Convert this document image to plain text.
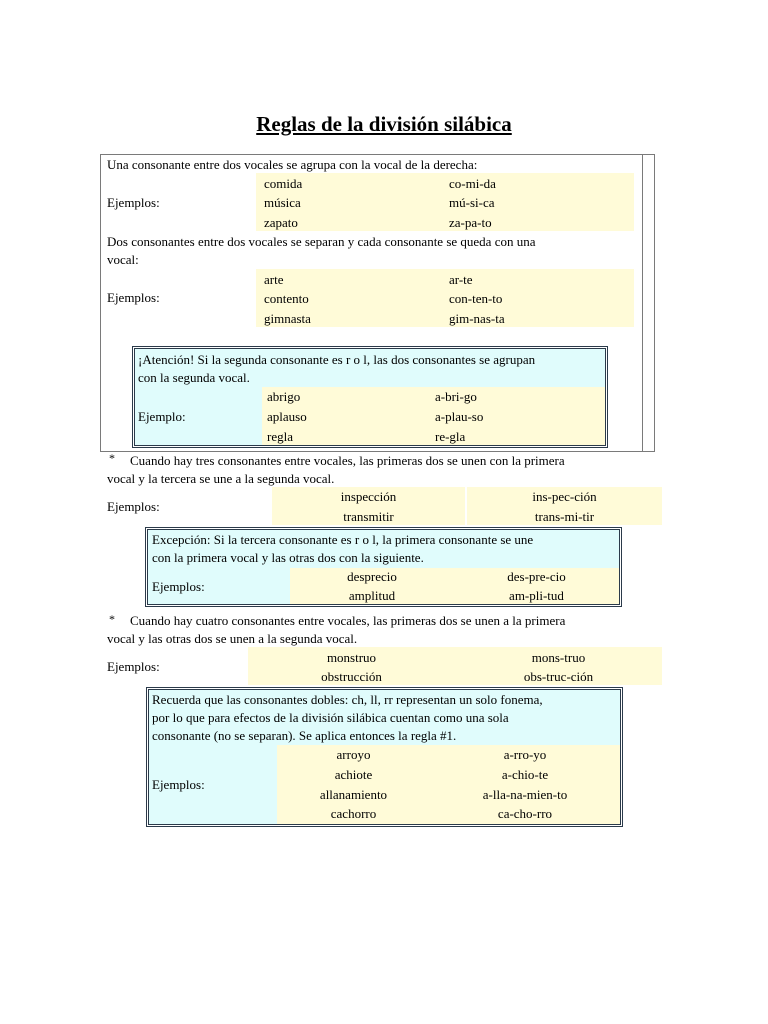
Reglas de la división silábica
Una consonante entre dos vocales se agrupa con la vocal de la derecha:
Ejemplos:
comida	co-mi-da
música	mú-si-ca
zapato	za-pa-to
Dos consonantes entre dos vocales se separan y cada consonante se queda con una
vocal:
Ejemplos:
arte	ar-te
contento	con-ten-to
gimnasta	gim-nas-ta
¡Atención! Si la segunda consonante es r o l, las dos consonantes se agrupan
con la segunda vocal.
Ejemplo:
abrigo	a-bri-go
aplauso	a-plau-so
regla	re-gla
* Cuando hay tres consonantes entre vocales, las primeras dos se unen con la primera
vocal y la tercera se une a la segunda vocal.
Ejemplos:
inspección	ins-pec-ción
transmitir	trans-mi-tir
Excepción: Si la tercera consonante es r o l, la primera consonante se une
con la primera vocal y las otras dos con la siguiente.
Ejemplos:
desprecio	des-pre-cio
amplitud	am-pli-tud
* Cuando hay cuatro consonantes entre vocales, las primeras dos se unen a la primera
vocal y las otras dos se unen a la segunda vocal.
Ejemplos:
monstruo	mons-truo
obstrucción	obs-truc-ción
Recuerda que las consonantes dobles: ch, ll, rr representan un solo fonema,
por lo que para efectos de la división silábica cuentan como una sola
consonante (no se separan). Se aplica entonces la regla #1.
Ejemplos:
arroyo	a-rro-yo
achiote	a-chio-te
allanamiento	a-lla-na-mien-to
cachorro	ca-cho-rro
